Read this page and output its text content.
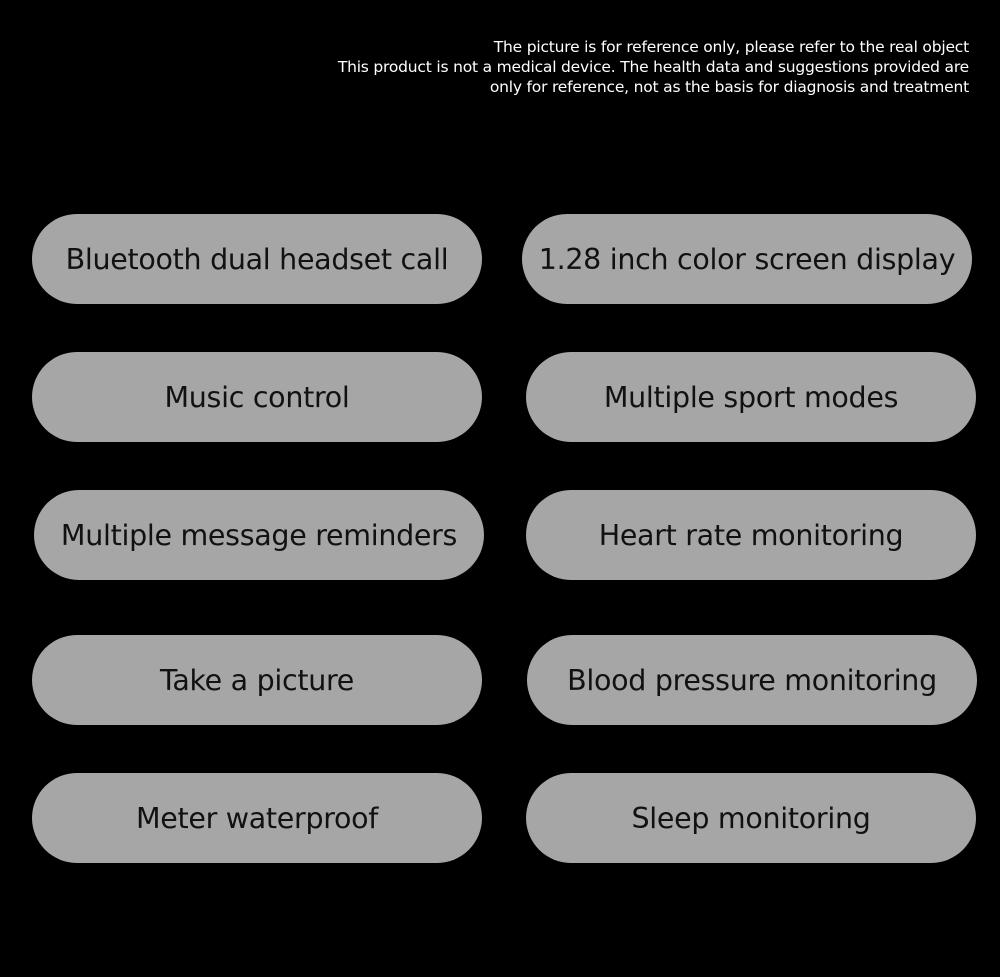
The picture is for reference only, please refer to the real object
This product is not a medical device. The health data and suggestions provided are
only for reference, not as the basis for diagnosis and treatment
Bluetooth dual headset call	1.28 inch color screen display
Music control	Multiple sport modes
Multiple message reminders	Heart rate monitoring
Take a picture	Blood pressure monitoring
Meter waterproof	Sleep monitoring
